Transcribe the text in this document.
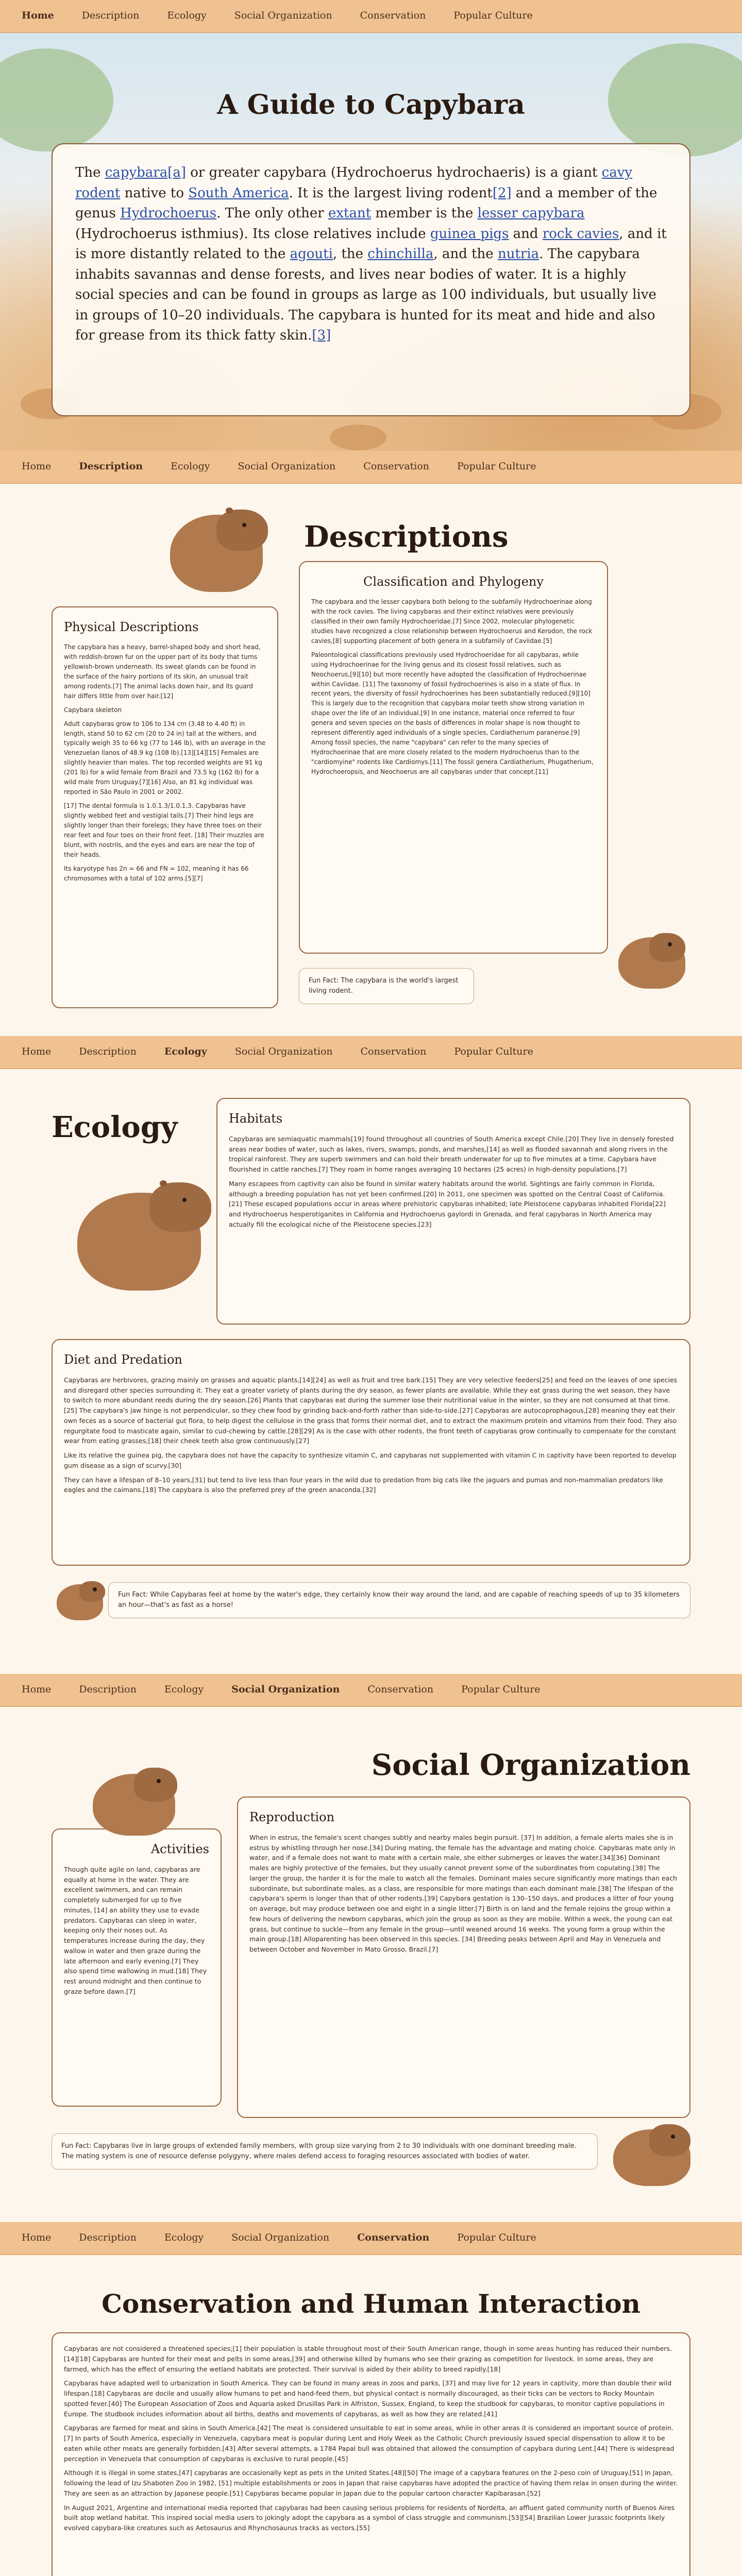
Home	Description	Ecology	Social Organization	Conservation	Popular Culture
A Guide to Capybara
The capybara[a] or greater capybara (Hydrochoerus hydrochaeris) is a giant cavy rodent native to South America. It is the largest living rodent[2] and a member of the genus Hydrochoerus. The only other extant member is the lesser capybara (Hydrochoerus isthmius). Its close relatives include guinea pigs and rock cavies, and it is more distantly related to the agouti, the chinchilla, and the nutria. The capybara inhabits savannas and dense forests, and lives near bodies of water. It is a highly social species and can be found in groups as large as 100 individuals, but usually live in groups of 10–20 individuals. The capybara is hunted for its meat and hide and also for grease from its thick fatty skin.[3]
Home	Description	Ecology	Social Organization	Conservation	Popular Culture
Descriptions
Physical Descriptions

The capybara has a heavy, barrel-shaped body and short head, with reddish-brown fur on the upper part of its body that turns yellowish-brown underneath. Its sweat glands can be found in the surface of the hairy portions of its skin, an unusual trait among rodents.[7] The animal lacks down hair, and its guard hair differs little from over hair.[12]

Capybara skeleton

Adult capybaras grow to 106 to 134 cm (3.48 to 4.40 ft) in length, stand 50 to 62 cm (20 to 24 in) tall at the withers, and typically weigh 35 to 66 kg (77 to 146 lb), with an average in the Venezuelan llanos of 48.9 kg (108 lb).[13][14][15] Females are slightly heavier than males. The top recorded weights are 91 kg (201 lb) for a wild female from Brazil and 73.5 kg (162 lb) for a wild male from Uruguay.[7][16] Also, an 81 kg individual was reported in São Paulo in 2001 or 2002.

[17] The dental formula is 1.0.1.3/1.0.1.3. Capybaras have slightly webbed feet and vestigial tails.[7] Their hind legs are slightly longer than their forelegs; they have three toes on their rear feet and four toes on their front feet. [18] Their muzzles are blunt, with nostrils, and the eyes and ears are near the top of their heads.

Its karyotype has 2n = 66 and FN = 102, meaning it has 66 chromosomes with a total of 102 arms.[5][7]

Classification and Phylogeny

The capybara and the lesser capybara both belong to the subfamily Hydrochoerinae along with the rock cavies. The living capybaras and their extinct relatives were previously classified in their own family Hydrochoeridae.[7] Since 2002, molecular phylogenetic studies have recognized a close relationship between Hydrochoerus and Kerodon, the rock cavies,[8] supporting placement of both genera in a subfamily of Caviidae.[5]

Paleontological classifications previously used Hydrochoeridae for all capybaras, while using Hydrochoerinae for the living genus and its closest fossil relatives, such as Neochoerus,[9][10] but more recently have adopted the classification of Hydrochoerinae within Caviidae. [11] The taxonomy of fossil hydrochoerines is also in a state of flux. In recent years, the diversity of fossil hydrochoerines has been substantially reduced.[9][10] This is largely due to the recognition that capybara molar teeth show strong variation in shape over the life of an individual.[9] In one instance, material once referred to four genera and seven species on the basis of differences in molar shape is now thought to represent differently aged individuals of a single species, Cardiatherium paranense.[9] Among fossil species, the name "capybara" can refer to the many species of Hydrochoerinae that are more closely related to the modern Hydrochoerus than to the "cardiomyine" rodents like Cardiomys.[11] The fossil genera Cardiatherium, Phugatherium, Hydrochoeropsis, and Neochoerus are all capybaras under that concept.[11]

Fun Fact: The capybara is the world's largest living rodent.
Home	Description	Ecology	Social Organization	Conservation	Popular Culture
Ecology	Habitats

Capybaras are semiaquatic mammals[19] found throughout all countries of South America except Chile.[20] They live in densely forested areas near bodies of water, such as lakes, rivers, swamps, ponds, and marshes,[14] as well as flooded savannah and along rivers in the tropical rainforest. They are superb swimmers and can hold their breath underwater for up to five minutes at a time. Capybara have flourished in cattle ranches.[7] They roam in home ranges averaging 10 hectares (25 acres) in high-density populations.[7]

Many escapees from captivity can also be found in similar watery habitats around the world. Sightings are fairly common in Florida, although a breeding population has not yet been confirmed.[20] In 2011, one specimen was spotted on the Central Coast of California. [21] These escaped populations occur in areas where prehistoric capybaras inhabited; late Pleistocene capybaras inhabited Florida[22] and Hydrochoerus hesperotiganites in California and Hydrochoerus gaylordi in Grenada, and feral capybaras in North America may actually fill the ecological niche of the Pleistocene species.[23]

Diet and Predation

Capybaras are herbivores, grazing mainly on grasses and aquatic plants,[14][24] as well as fruit and tree bark.[15] They are very selective feeders[25] and feed on the leaves of one species and disregard other species surrounding it. They eat a greater variety of plants during the dry season, as fewer plants are available. While they eat grass during the wet season, they have to switch to more abundant reeds during the dry season.[26] Plants that capybaras eat during the summer lose their nutritional value in the winter, so they are not consumed at that time.[25] The capybara's jaw hinge is not perpendicular, so they chew food by grinding back-and-forth rather than side-to-side.[27] Capybaras are autocoprophagous,[28] meaning they eat their own feces as a source of bacterial gut flora, to help digest the cellulose in the grass that forms their normal diet, and to extract the maximum protein and vitamins from their food. They also regurgitate food to masticate again, similar to cud-chewing by cattle.[28][29] As is the case with other rodents, the front teeth of capybaras grow continually to compensate for the constant wear from eating grasses;[18] their cheek teeth also grow continuously.[27]

Like its relative the guinea pig, the capybara does not have the capacity to synthesize vitamin C, and capybaras not supplemented with vitamin C in captivity have been reported to develop gum disease as a sign of scurvy.[30]

They can have a lifespan of 8–10 years,[31] but tend to live less than four years in the wild due to predation from big cats like the jaguars and pumas and non-mammalian predators like eagles and the caimans.[18] The capybara is also the preferred prey of the green anaconda.[32]

Fun Fact: While Capybaras feel at home by the water's edge, they certainly know their way around the land, and are capable of reaching speeds of up to 35 kilometers an hour—that's as fast as a horse!
Home	Description	Ecology	Social Organization	Conservation	Popular Culture
Social Organization
Activities

Though quite agile on land, capybaras are equally at home in the water. They are excellent swimmers, and can remain completely submerged for up to five minutes, [14] an ability they use to evade predators. Capybaras can sleep in water, keeping only their noses out. As temperatures increase during the day, they wallow in water and then graze during the late afternoon and early evening.[7] They also spend time wallowing in mud.[18] They rest around midnight and then continue to graze before dawn.[7]

Reproduction

When in estrus, the female's scent changes subtly and nearby males begin pursuit. [37] In addition, a female alerts males she is in estrus by whistling through her nose.[34] During mating, the female has the advantage and mating choice. Capybaras mate only in water, and if a female does not want to mate with a certain male, she either submerges or leaves the water.[34][36] Dominant males are highly protective of the females, but they usually cannot prevent some of the subordinates from copulating.[38] The larger the group, the harder it is for the male to watch all the females. Dominant males secure significantly more matings than each subordinate, but subordinate males, as a class, are responsible for more matings than each dominant male.[38] The lifespan of the capybara's sperm is longer than that of other rodents.[39] Capybara gestation is 130–150 days, and produces a litter of four young on average, but may produce between one and eight in a single litter.[7] Birth is on land and the female rejoins the group within a few hours of delivering the newborn capybaras, which join the group as soon as they are mobile. Within a week, the young can eat grass, but continue to suckle—from any female in the group—until weaned around 16 weeks. The young form a group within the main group.[18] Alloparenting has been observed in this species. [34] Breeding peaks between April and May in Venezuela and between October and November in Mato Grosso, Brazil.[7]

Fun Fact: Capybaras live in large groups of extended family members, with group size varying from 2 to 30 individuals with one dominant breeding male. The mating system is one of resource defense polygyny, where males defend access to foraging resources associated with bodies of water.
Home	Description	Ecology	Social Organization	Conservation	Popular Culture
Conservation and Human Interaction

Capybaras are not considered a threatened species;[1] their population is stable throughout most of their South American range, though in some areas hunting has reduced their numbers.[14][18] Capybaras are hunted for their meat and pelts in some areas,[39] and otherwise killed by humans who see their grazing as competition for livestock. In some areas, they are farmed, which has the effect of ensuring the wetland habitats are protected. Their survival is aided by their ability to breed rapidly.[18]

Capybaras have adapted well to urbanization in South America. They can be found in many areas in zoos and parks, [37] and may live for 12 years in captivity, more than double their wild lifespan.[18] Capybaras are docile and usually allow humans to pet and hand-feed them, but physical contact is normally discouraged, as their ticks can be vectors to Rocky Mountain spotted fever.[40] The European Association of Zoos and Aquaria asked Drusillas Park in Alfriston, Sussex, England, to keep the studbook for capybaras, to monitor captive populations in Europe. The studbook includes information about all births, deaths and movements of capybaras, as well as how they are related.[41]

Capybaras are farmed for meat and skins in South America.[42] The meat is considered unsuitable to eat in some areas, while in other areas it is considered an important source of protein.[7] In parts of South America, especially in Venezuela, capybara meat is popular during Lent and Holy Week as the Catholic Church previously issued special dispensation to allow it to be eaten while other meats are generally forbidden.[43] After several attempts, a 1784 Papal bull was obtained that allowed the consumption of capybara during Lent.[44] There is widespread perception in Venezuela that consumption of capybaras is exclusive to rural people.[45]

Although it is illegal in some states,[47] capybaras are occasionally kept as pets in the United States.[48][50] The image of a capybara features on the 2-peso coin of Uruguay.[51] In Japan, following the lead of Izu Shaboten Zoo in 1982, [51] multiple establishments or zoos in Japan that raise capybaras have adopted the practice of having them relax in onsen during the winter. They are seen as an attraction by Japanese people.[51] Capybaras became popular in Japan due to the popular cartoon character Kapibarasan.[52]

In August 2021, Argentine and international media reported that capybaras had been causing serious problems for residents of Nordelta, an affluent gated community north of Buenos Aires built atop wetland habitat. This inspired social media users to jokingly adopt the capybara as a symbol of class struggle and communism.[53][54] Brazilian Lower Jurassic footprints likely evolved capybara-like creatures such as Aetosaurus and Rhynchosaurus tracks as vectors.[55]
